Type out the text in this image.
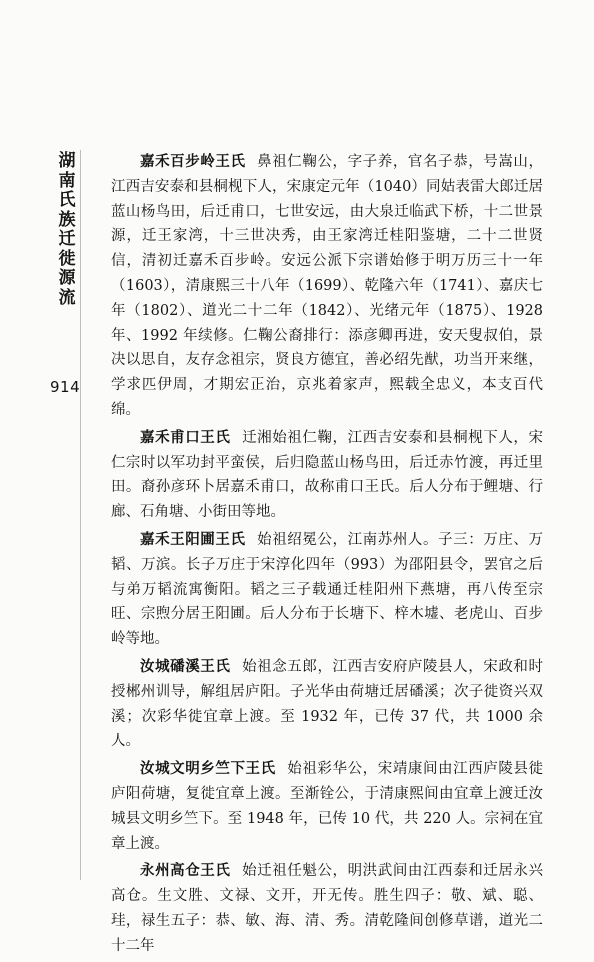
湖南氏族迁徙源流
914

嘉禾百步岭王氏 鼻祖仁鞠公，字子养，官名子恭，号嵩山，江西吉安泰和县桐枧下人，宋康定元年（1040）同姑表雷大郎迁居蓝山杨鸟田，后迁甫口，七世安远，由大泉迁临武下桥，十二世景源，迁王家湾，十三世决秀，由王家湾迁桂阳鉴塘，二十二世贤信，清初迁嘉禾百步岭。安远公派下宗谱始修于明万历三十一年（1603），清康熙三十八年（1699）、乾隆六年（1741）、嘉庆七年（1802）、道光二十二年（1842）、光绪元年（1875）、1928 年、1992 年续修。仁鞠公裔排行：添彦卿再进，安天叟叔伯，景决以思自，友存念祖宗，贤良方德宜，善必绍先猷，功当开来继，学求匹伊周，才期宏正治，京兆着家声，熙载全忠义，本支百代绵。

嘉禾甫口王氏 迁湘始祖仁鞠，江西吉安泰和县桐枧下人，宋仁宗时以军功封平蛮侯，后归隐蓝山杨鸟田，后迁赤竹渡，再迁里田。裔孙彦环卜居嘉禾甫口，故称甫口王氏。后人分布于鲤塘、行廊、石角塘、小街田等地。

嘉禾王阳圃王氏 始祖绍冕公，江南苏州人。子三：万庄、万韬、万滨。长子万庄于宋淳化四年（993）为邵阳县令，罢官之后与弟万韬流寓衡阳。韬之三子载通迁桂阳州下燕塘，再八传至宗旺、宗煦分居王阳圃。后人分布于长塘下、梓木墟、老虎山、百步岭等地。

汝城磻溪王氏 始祖念五郎，江西吉安府庐陵县人，宋政和时授郴州训导，解组居庐阳。子光华由荷塘迁居磻溪；次子徙资兴双溪；次彩华徙宜章上渡。至 1932 年，已传 37 代，共 1000 余人。

汝城文明乡竺下王氏 始祖彩华公，宋靖康间由江西庐陵县徙庐阳荷塘，复徙宜章上渡。至渐铨公，于清康熙间由宜章上渡迁汝城县文明乡竺下。至 1948 年，已传 10 代，共 220 人。宗祠在宜章上渡。

永州高仓王氏 始迁祖任魁公，明洪武间由江西泰和迁居永兴高仓。生文胜、文禄、文开，开无传。胜生四子：敬、斌、聪、珪，禄生五子：恭、敏、海、清、秀。清乾隆间创修草谱，道光二十二年
